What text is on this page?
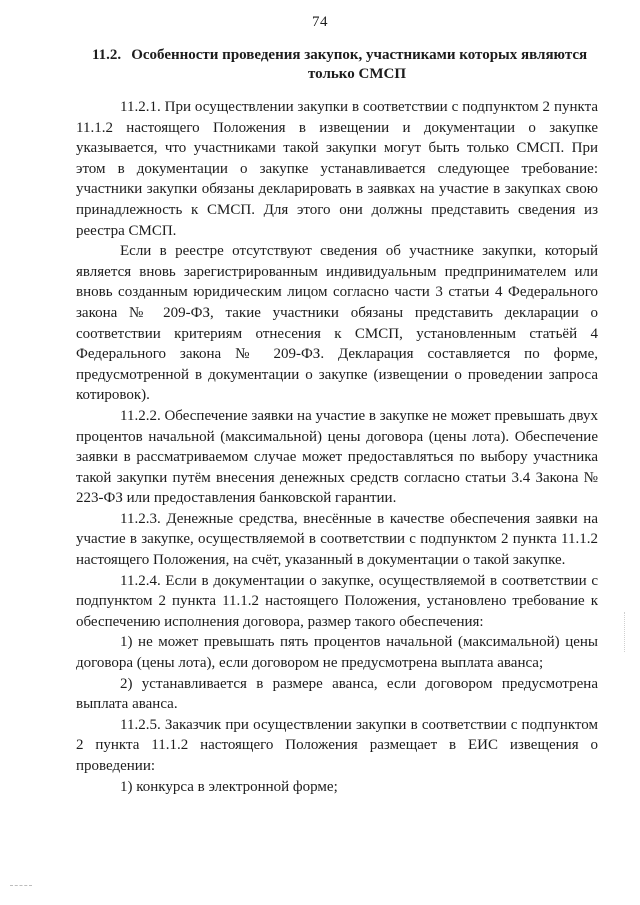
74
11.2. Особенности проведения закупок, участниками которых являются
только СМСП

11.2.1. При осуществлении закупки в соответствии с подпунктом 2 пункта 11.1.2 настоящего Положения в извещении и документации о закупке указывается, что участниками такой закупки могут быть только СМСП. При этом в документации о закупке устанавливается следующее требование: участники закупки обязаны декларировать в заявках на участие в закупках свою принадлежность к СМСП. Для этого они должны представить сведения из реестра СМСП.

Если в реестре отсутствуют сведения об участнике закупки, который является вновь зарегистрированным индивидуальным предпринимателем или вновь созданным юридическим лицом согласно части 3 статьи 4 Федерального закона № 209-ФЗ, такие участники обязаны представить декларации о соответствии критериям отнесения к СМСП, установленным статьёй 4 Федерального закона № 209-ФЗ. Декларация составляется по форме, предусмотренной в документации о закупке (извещении о проведении запроса котировок).

11.2.2. Обеспечение заявки на участие в закупке не может превышать двух процентов начальной (максимальной) цены договора (цены лота). Обеспечение заявки в рассматриваемом случае может предоставляться по выбору участника такой закупки путём внесения денежных средств согласно статьи 3.4 Закона № 223-ФЗ или предоставления банковской гарантии.

11.2.3. Денежные средства, внесённые в качестве обеспечения заявки на участие в закупке, осуществляемой в соответствии с подпунктом 2 пункта 11.1.2 настоящего Положения, на счёт, указанный в документации о такой закупке.

11.2.4. Если в документации о закупке, осуществляемой в соответствии с подпунктом 2 пункта 11.1.2 настоящего Положения, установлено требование к обеспечению исполнения договора, размер такого обеспечения:

1) не может превышать пять процентов начальной (максимальной) цены договора (цены лота), если договором не предусмотрена выплата аванса;

2) устанавливается в размере аванса, если договором предусмотрена выплата аванса.

11.2.5. Заказчик при осуществлении закупки в соответствии с подпунктом 2 пункта 11.1.2 настоящего Положения размещает в ЕИС извещения о проведении:

1) конкурса в электронной форме;
